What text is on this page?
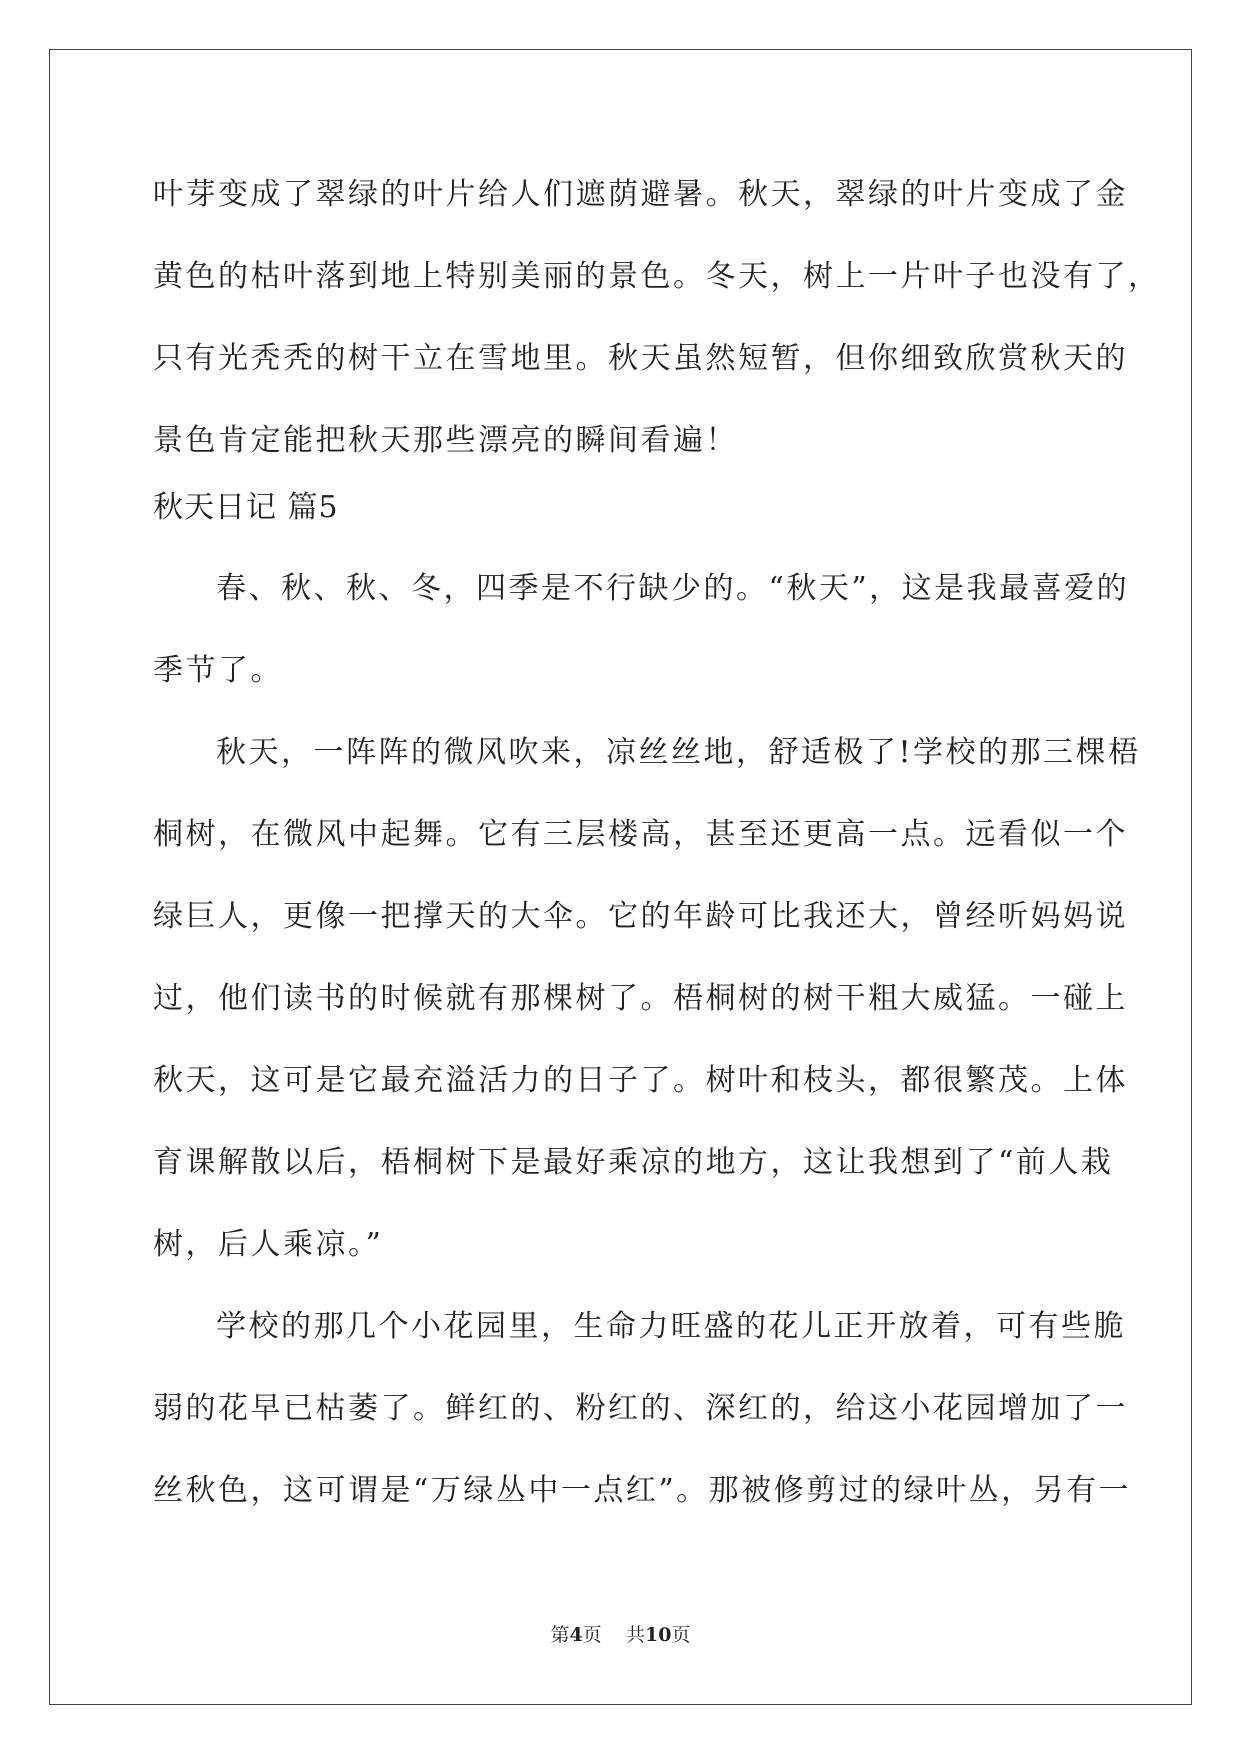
叶芽变成了翠绿的叶片给人们遮荫避暑。秋天，翠绿的叶片变成了金
黄色的枯叶落到地上特别美丽的景色。冬天，树上一片叶子也没有了，
只有光秃秃的树干立在雪地里。秋天虽然短暂，但你细致欣赏秋天的
景色肯定能把秋天那些漂亮的瞬间看遍！
秋天日记 篇5
春、秋、秋、冬，四季是不行缺少的。“秋天”，这是我最喜爱的
季节了。
秋天，一阵阵的微风吹来，凉丝丝地，舒适极了!学校的那三棵梧
桐树，在微风中起舞。它有三层楼高，甚至还更高一点。远看似一个
绿巨人，更像一把撑天的大伞。它的年龄可比我还大，曾经听妈妈说
过，他们读书的时候就有那棵树了。梧桐树的树干粗大威猛。一碰上
秋天，这可是它最充溢活力的日子了。树叶和枝头，都很繁茂。上体
育课解散以后，梧桐树下是最好乘凉的地方，这让我想到了“前人栽
树，后人乘凉。”
学校的那几个小花园里，生命力旺盛的花儿正开放着，可有些脆
弱的花早已枯萎了。鲜红的、粉红的、深红的，给这小花园增加了一
丝秋色，这可谓是“万绿丛中一点红”。那被修剪过的绿叶丛，另有一
第4页 共10页
